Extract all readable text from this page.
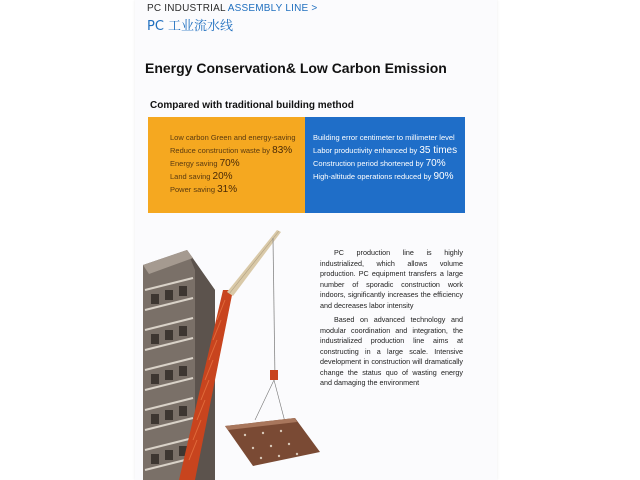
PC INDUSTRIAL ASSEMBLY LINE >
PC 工业流水线
Energy Conservation& Low Carbon Emission
Compared with traditional building method
Low carbon Green and energy-saving
Reduce construction waste by 83%
Energy saving 70%
Land saving 20%
Power saving 31%
Building error centimeter to millimeter level
Labor productivity enhanced by 35 times
Construction period shortened by 70%
High-altitude operations reduced by 90%
PC production line is highly industrialized, which allows volume production. PC equipment transfers a large number of sporadic construction work indoors, significantly increases the efficiency and decreases labor intensity
Based on advanced technology and modular coordination and integration, the industrialized production line aims at constructing in a large scale. Intensive development in construction will dramatically change the status quo of wasting energy and damaging the environment
